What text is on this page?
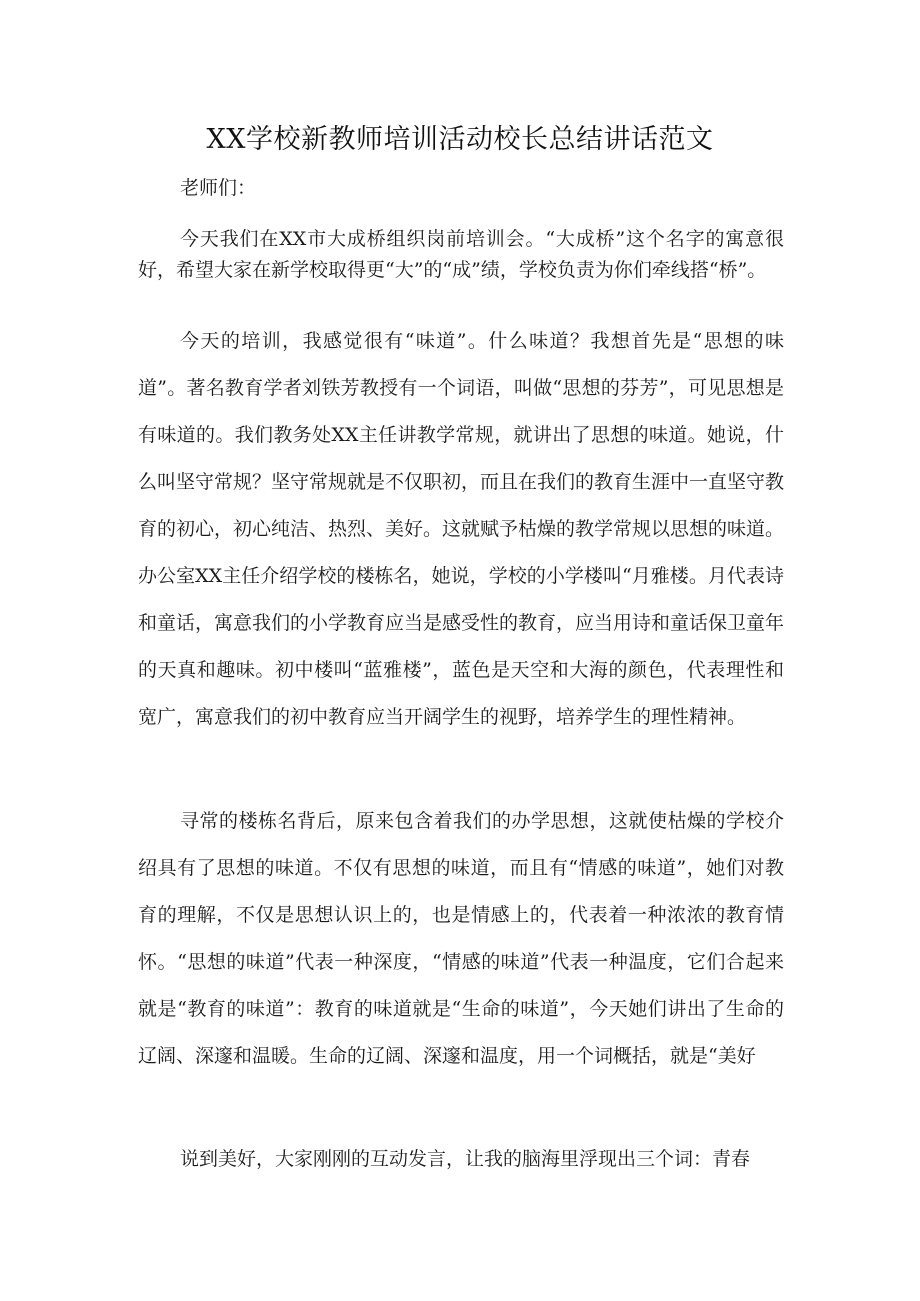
XX学校新教师培训活动校长总结讲话范文

老师们：

今天我们在XX市大成桥组织岗前培训会。“大成桥”这个名字的寓意很好，希望大家在新学校取得更“大”的“成”绩，学校负责为你们牵线搭“桥”。

今天的培训，我感觉很有“味道”。什么味道？我想首先是“思想的味道”。著名教育学者刘铁芳教授有一个词语，叫做“思想的芬芳”，可见思想是有味道的。我们教务处XX主任讲教学常规，就讲出了思想的味道。她说，什么叫坚守常规？坚守常规就是不仅职初，而且在我们的教育生涯中一直坚守教育的初心，初心纯洁、热烈、美好。这就赋予枯燥的教学常规以思想的味道。办公室XX主任介绍学校的楼栋名，她说，学校的小学楼叫“月雅楼。月代表诗和童话，寓意我们的小学教育应当是感受性的教育，应当用诗和童话保卫童年的天真和趣味。初中楼叫“蓝雅楼”，蓝色是天空和大海的颜色，代表理性和宽广，寓意我们的初中教育应当开阔学生的视野，培养学生的理性精神。

寻常的楼栋名背后，原来包含着我们的办学思想，这就使枯燥的学校介绍具有了思想的味道。不仅有思想的味道，而且有“情感的味道”，她们对教育的理解，不仅是思想认识上的，也是情感上的，代表着一种浓浓的教育情怀。“思想的味道”代表一种深度，“情感的味道”代表一种温度，它们合起来就是“教育的味道”：教育的味道就是“生命的味道”，今天她们讲出了生命的辽阔、深邃和温暖。生命的辽阔、深邃和温度，用一个词概括，就是“美好

说到美好，大家刚刚的互动发言，让我的脑海里浮现出三个词：青春
